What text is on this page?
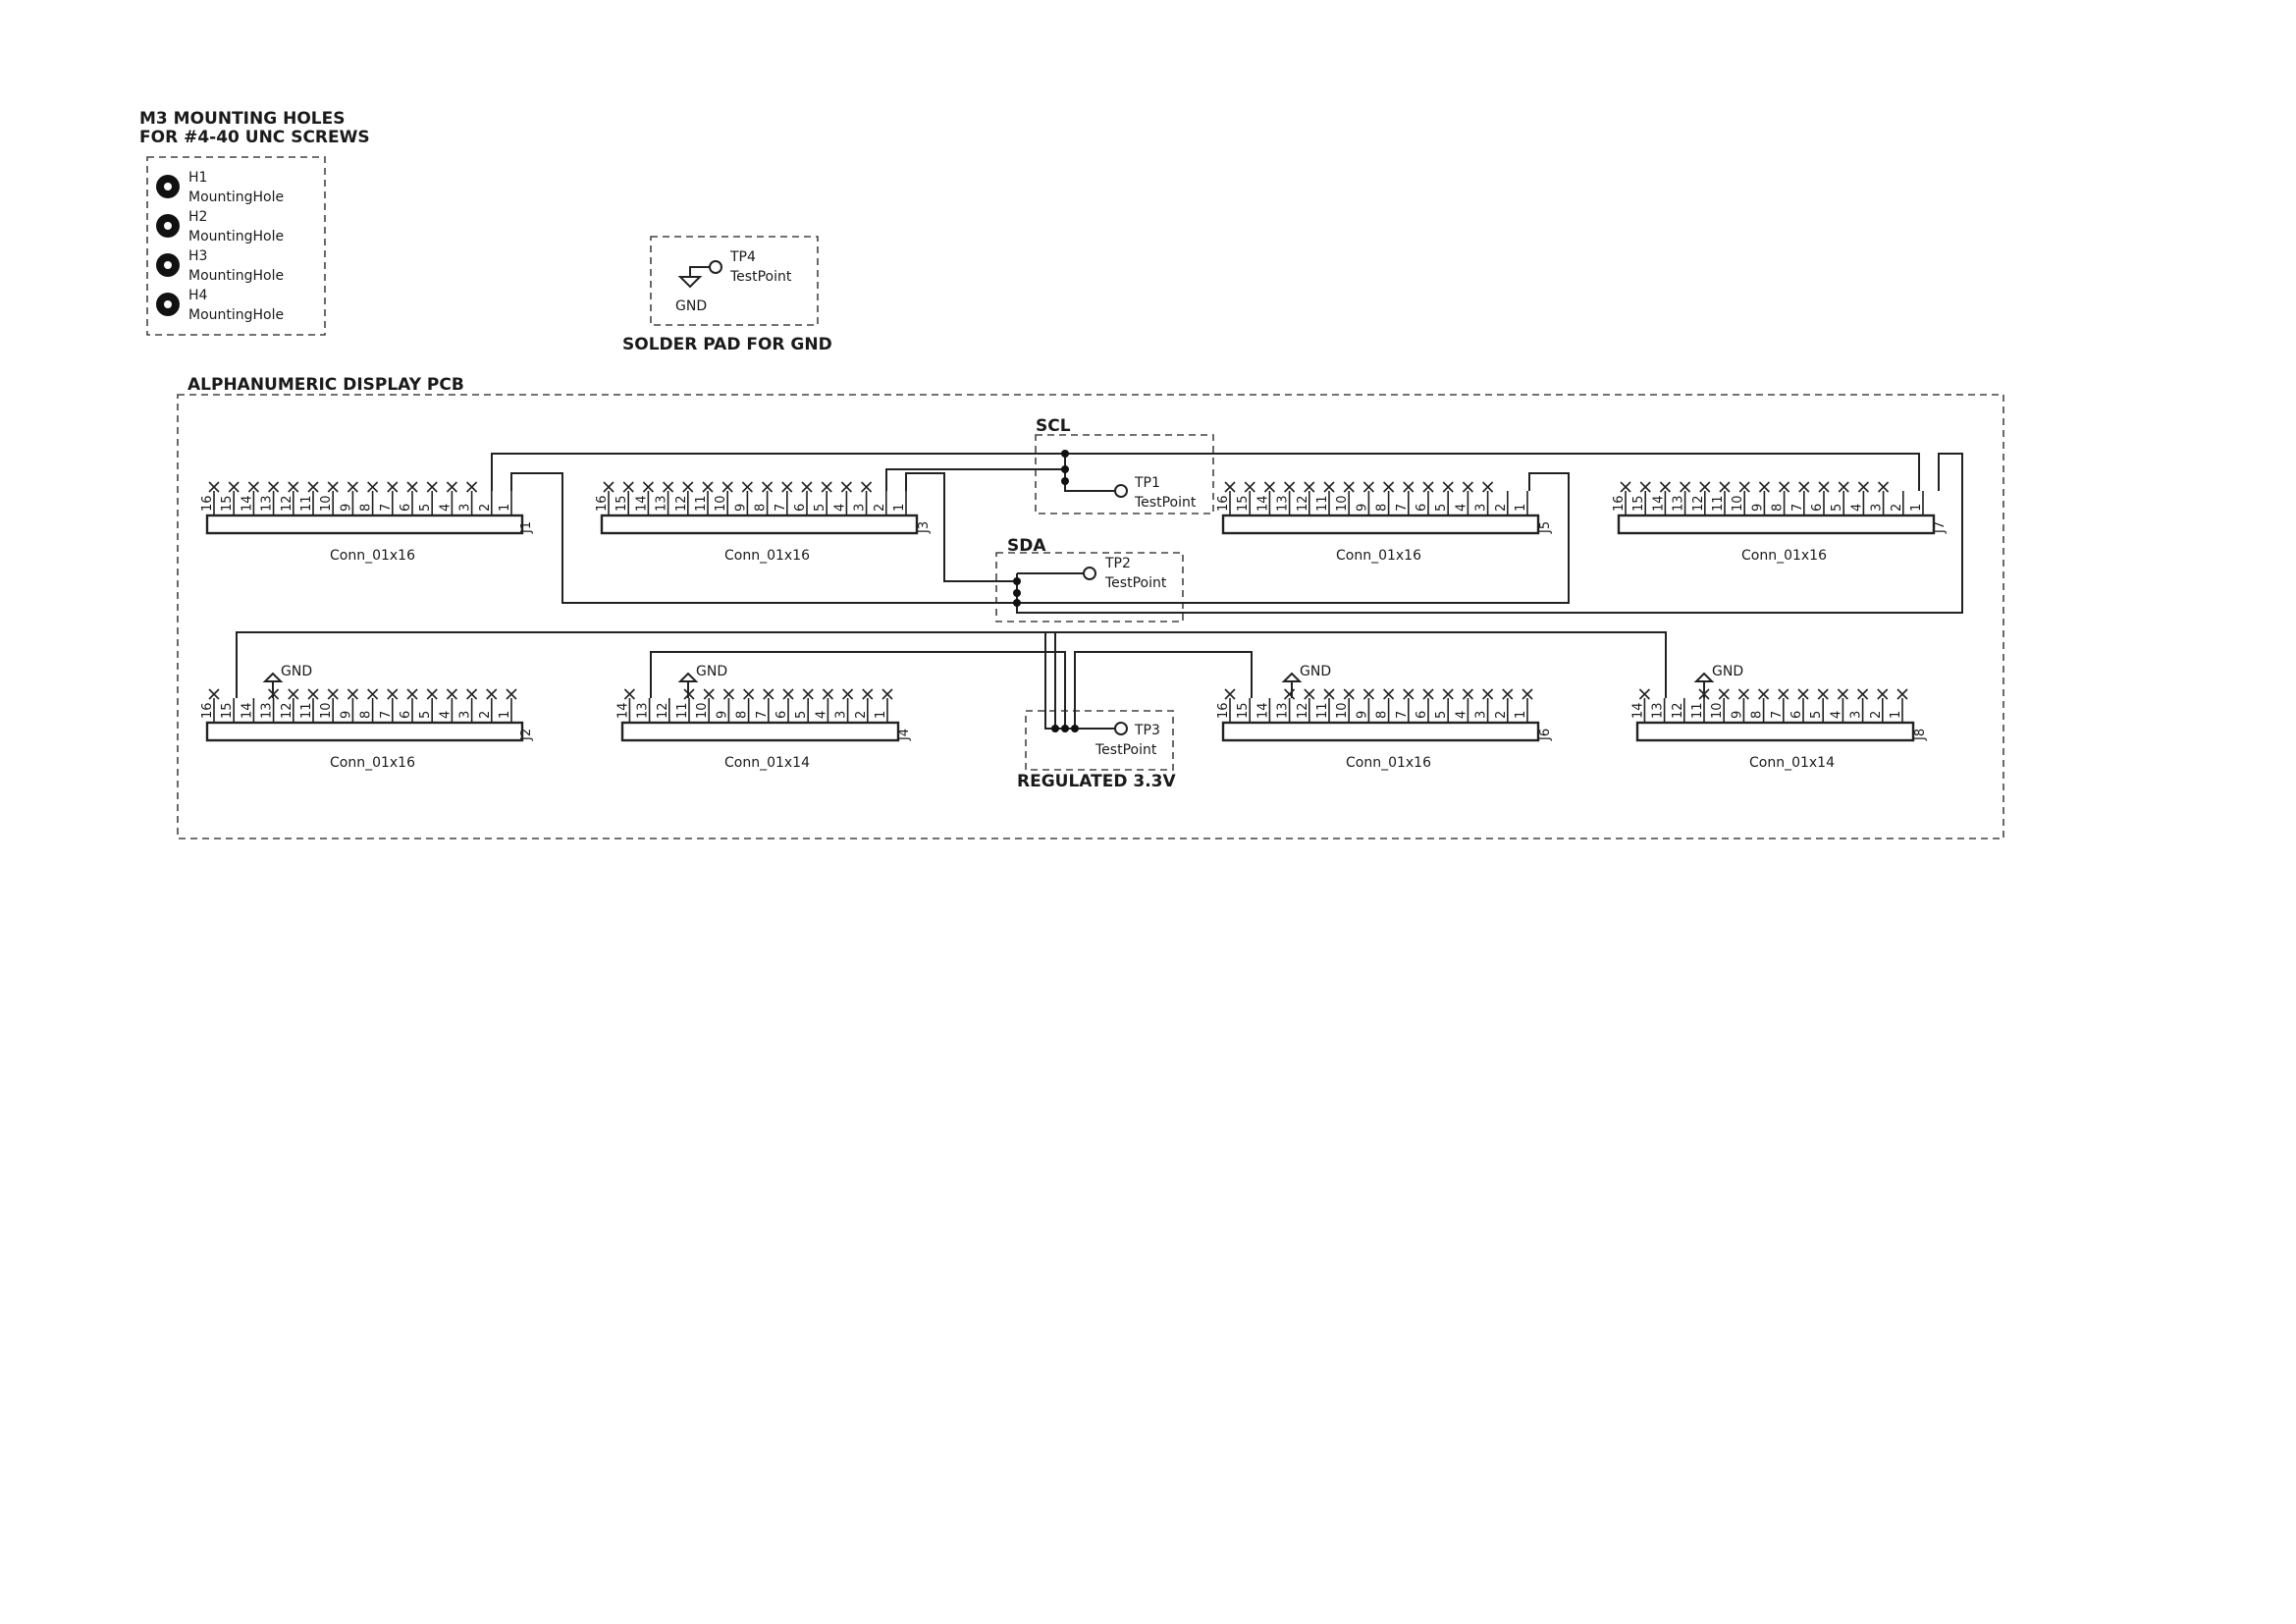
M3 MOUNTING HOLES
FOR #4-40 UNC SCREWS
H1
MountingHole
H2
MountingHole
H3
MountingHole
H4
MountingHole
TP4
TestPoint
GND
SOLDER PAD FOR GND
ALPHANUMERIC DISPLAY PCB
SCL
SDA
REGULATED 3.3V
TP1
TestPoint
TP2
TestPoint
TP3
TestPoint
GND	GND	GND	GND
Conn_01x16
J1
1
2
3
4
5
6
7
8
9
10
11
12
13
14
15
16
Conn_01x16
J3
1
2
3
4
5
6
7
8
9
10
11
12
13
14
15
16
Conn_01x16
J5
1
2
3
4
5
6
7
8
9
10
11
12
13
14
15
16
Conn_01x16
J7
1
2
3
4
5
6
7
8
9
10
11
12
13
14
15
16
Conn_01x16
J2
1
2
3
4
5
6
7
8
9
10
11
12
13
14
15
16
Conn_01x14
J4
1
2
3
4
5
6
7
8
9
10
11
12
13
14
Conn_01x16
J6
1
2
3
4
5
6
7
8
9
10
11
12
13
14
15
16
Conn_01x14
J8
1
2
3
4
5
6
7
8
9
10
11
12
13
14
